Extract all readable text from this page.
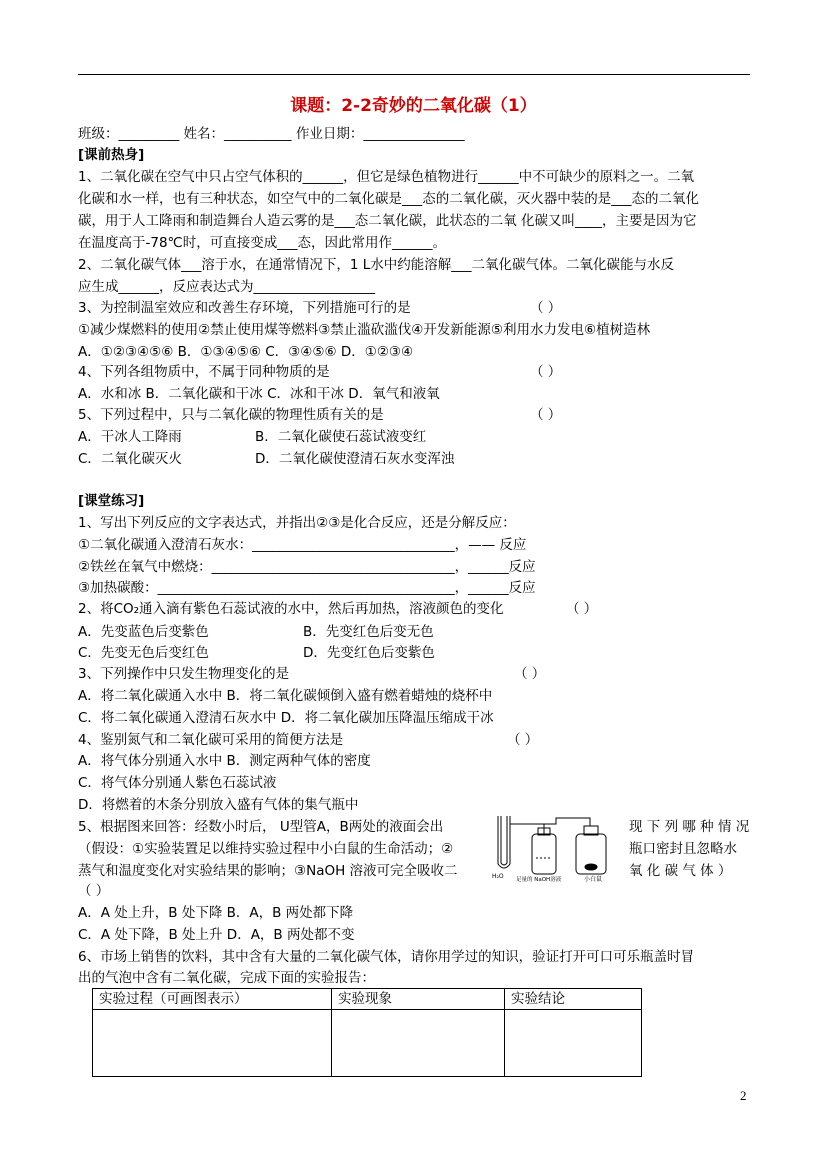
课题：2-2奇妙的二氧化碳（1）
班级：_________ 姓名：__________ 作业日期：_______________
[课前热身]
1、二氧化碳在空气中只占空气体积的______，但它是绿色植物进行______中不可缺少的原料之一。二氧
化碳和水一样，也有三种状态，如空气中的二氧化碳是___态的二氧化碳，灭火器中装的是___态的二氧化
碳，用于人工降雨和制造舞台人造云雾的是___态二氧化碳，此状态的二氧 化碳又叫____，主要是因为它
在温度高于-78℃时，可直接变成___态，因此常用作______。
2、二氧化碳气体___溶于水，在通常情况下，1 L水中约能溶解___二氧化碳气体。二氧化碳能与水反
应生成______，反应表达式为__________________
3、为控制温室效应和改善生存环境，下列措施可行的是	（ ）
①减少煤燃料的使用②禁止使用煤等燃料③禁止滥砍滥伐④开发新能源⑤利用水力发电⑥植树造林
A．①②③④⑤⑥ B．①③④⑤⑥ C．③④⑤⑥ D．①②③④
4、下列各组物质中，不属于同种物质的是	（ ）
A．水和冰 B．二氧化碳和干冰 C．冰和干冰 D．氧气和液氧
5、下列过程中，只与二氧化碳的物理性质有关的是	（ ）
A．干冰人工降雨	B．二氧化碳使石蕊试液变红
C．二氧化碳灭火	D．二氧化碳使澄清石灰水变浑浊
[课堂练习]
1、写出下列反应的文字表达式，并指出②③是化合反应，还是分解反应：
①二氧化碳通入澄清石灰水：______________________________，—— 反应
②铁丝在氧气中燃烧：____________________________________，______反应
③加热碳酸：____________________________________________，______反应
2、将CO₂通入滴有紫色石蕊试液的水中，然后再加热，溶液颜色的变化	（ ）
A．先变蓝色后变紫色	B．先变红色后变无色
C．先变无色后变红色	D．先变红色后变紫色
3、下列操作中只发生物理变化的是	（ ）
A．将二氧化碳通入水中 B．将二氧化碳倾倒入盛有燃着蜡烛的烧杯中
C．将二氧化碳通入澄清石灰水中 D．将二氧化碳加压降温压缩成干冰
4、鉴别氮气和二氧化碳可采用的简便方法是	（ ）
A．将气体分别通入水中 B．测定两种气体的密度
C．将气体分别通人紫色石蕊试液
D．将燃着的木条分别放入盛有气体的集气瓶中
5、根据图来回答：经数小时后， U型管A，B两处的液面会出	现 下 列 哪 种 情 况
（假设：①实验装置足以维持实验过程中小白鼠的生命活动；②	瓶口密封且忽略水
蒸气和温度变化对实验结果的影响；③NaOH 溶液可完全吸收二	氧 化 碳 气 体 ）
（ ）
H₂O 足量的 NaOH溶液	小白鼠
A．A 处上升，B 处下降 B．A，B 两处都下降
C．A 处下降，B 处上升 D．A，B 两处都不变
6、市场上销售的饮料，其中含有大量的二氧化碳气体，请你用学过的知识，验证打开可口可乐瓶盖时冒
出的气泡中含有二氧化碳，完成下面的实验报告：
实验过程（可画图表示）	实验现象	实验结论

2
